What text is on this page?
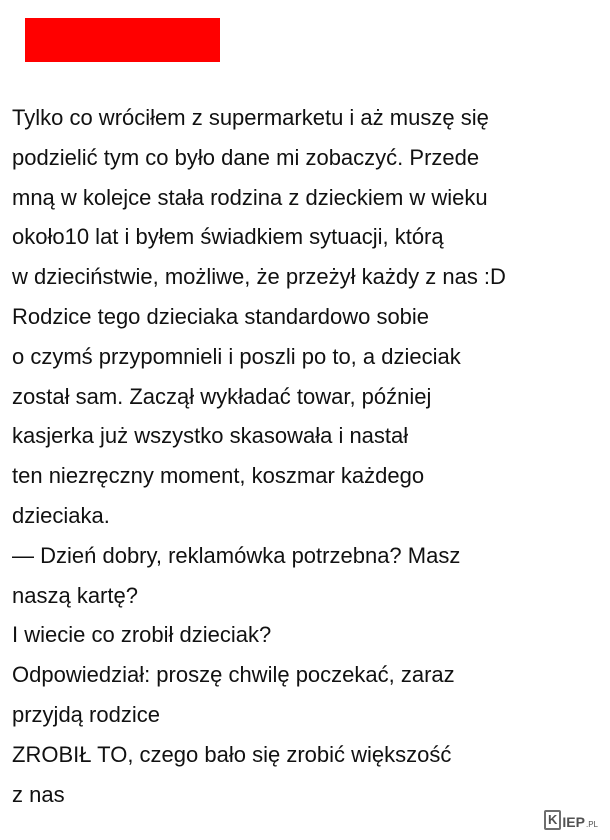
Tylko co wróciłem z supermarketu i aż muszę się
podzielić tym co było dane mi zobaczyć. Przede
mną w kolejce stała rodzina z dzieckiem w wieku
około10 lat i byłem świadkiem sytuacji, którą
w dzieciństwie, możliwe, że przeżył każdy z nas :D
Rodzice tego dzieciaka standardowo sobie
o czymś przypomnieli i poszli po to, a dzieciak
został sam. Zaczął wykładać towar, później
kasjerka już wszystko skasowała i nastał
ten niezręczny moment, koszmar każdego
dzieciaka.
— Dzień dobry, reklamówka potrzebna? Masz
naszą kartę?
I wiecie co zrobił dzieciak?
Odpowiedział: proszę chwilę poczekać, zaraz
przyjdą rodzice
ZROBIŁ TO, czego bało się zrobić większość
z nas
K IEP .PL
